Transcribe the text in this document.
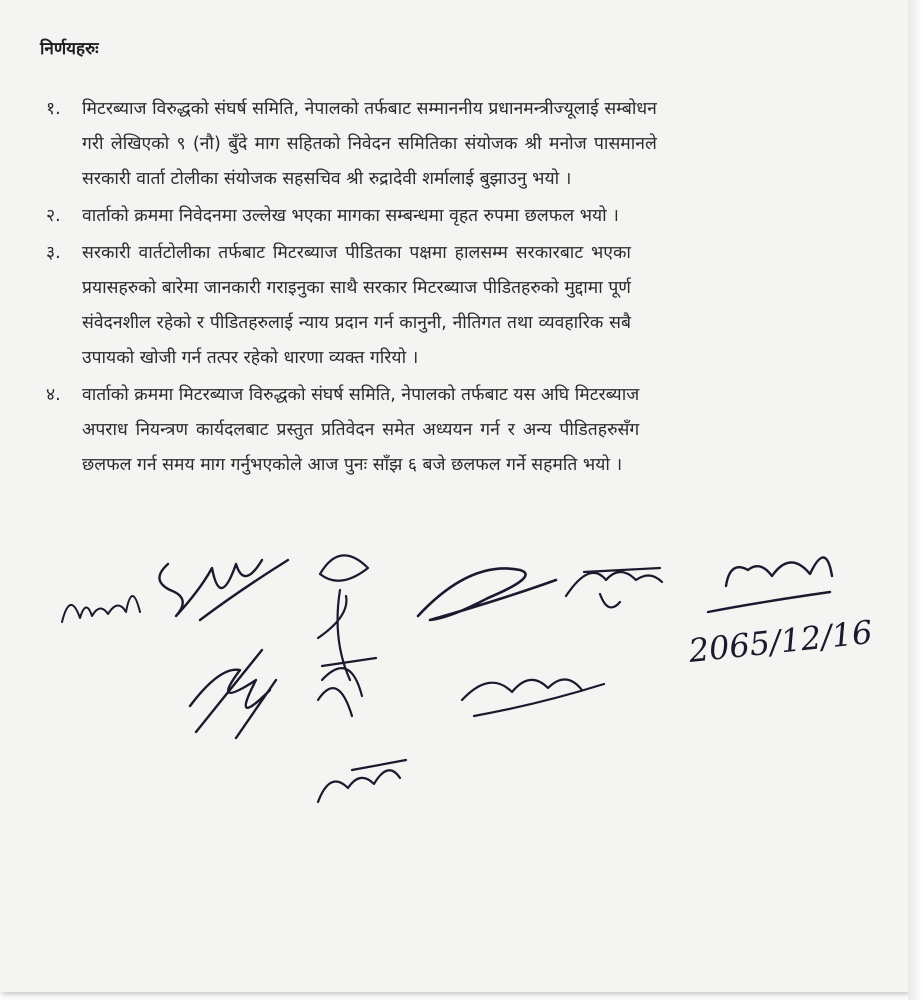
निर्णयहरुः
१.	मिटरब्याज विरुद्धको संघर्ष समिति, नेपालको तर्फबाट सम्माननीय प्रधानमन्त्रीज्यूलाई सम्बोधन
गरी लेखिएको ९ (नौ) बुँदे माग सहितको निवेदन समितिका संयोजक श्री मनोज पासमानले
सरकारी वार्ता टोलीका संयोजक सहसचिव श्री रुद्रादेवी शर्मालाई बुझाउनु भयो ।
२.	वार्ताको क्रममा निवेदनमा उल्लेख भएका मागका सम्बन्धमा वृहत रुपमा छलफल भयो ।
३.	सरकारी वार्तटोलीका तर्फबाट मिटरब्याज पीडितका पक्षमा हालसम्म सरकारबाट भएका
प्रयासहरुको बारेमा जानकारी गराइनुका साथै सरकार मिटरब्याज पीडितहरुको मुद्दामा पूर्ण
संवेदनशील रहेको र पीडितहरुलाई न्याय प्रदान गर्न कानुनी, नीतिगत तथा व्यवहारिक सबै
उपायको खोजी गर्न तत्पर रहेको धारणा व्यक्त गरियो ।
४.	वार्ताको क्रममा मिटरब्याज विरुद्धको संघर्ष समिति, नेपालको तर्फबाट यस अघि मिटरब्याज
अपराध नियन्त्रण कार्यदलबाट प्रस्तुत प्रतिवेदन समेत अध्ययन गर्न र अन्य पीडितहरुसँग
छलफल गर्न समय माग गर्नुभएकोले आज पुनः साँझ ६ बजे छलफल गर्ने सहमति भयो ।
2065/12/16
